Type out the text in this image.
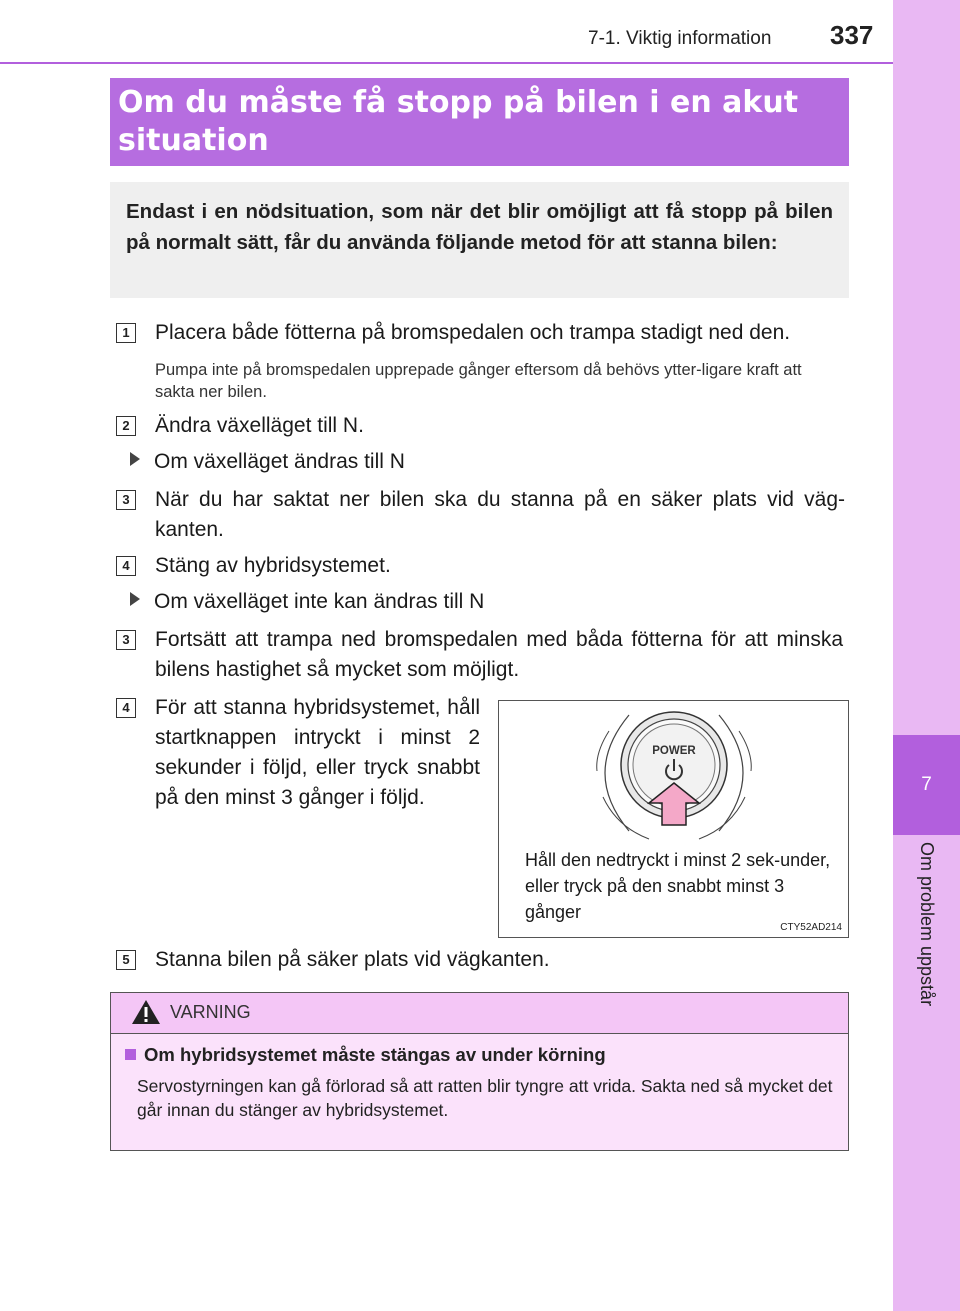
7-1. Viktig information 337
7
Om problem uppstår
Om du måste få stopp på bilen i en akut
situation
Endast i en nödsituation, som när det blir omöjligt att få stopp på bilen på normalt sätt, får du använda följande metod för att stanna bilen:
1	Placera både fötterna på bromspedalen och trampa stadigt ned den.
Pumpa inte på bromspedalen upprepade gånger eftersom då behövs ytter-ligare kraft att sakta ner bilen.
2	Ändra växelläget till N.
Om växelläget ändras till N
3	När du har saktat ner bilen ska du stanna på en säker plats vid väg-kanten.
4	Stäng av hybridsystemet.
Om växelläget inte kan ändras till N
3	Fortsätt att trampa ned bromspedalen med båda fötterna för att minska bilens hastighet så mycket som möjligt.
4	För att stanna hybridsystemet, håll startknappen intryckt i minst 2 sekunder i följd, eller tryck snabbt på den minst 3 gånger i följd.
POWER
Håll den nedtryckt i minst 2 sek-under, eller tryck på den snabbt minst 3 gånger
CTY52AD214
5	Stanna bilen på säker plats vid vägkanten.
VARNING
Om hybridsystemet måste stängas av under körning
Servostyrningen kan gå förlorad så att ratten blir tyngre att vrida. Sakta ned så mycket det går innan du stänger av hybridsystemet.
